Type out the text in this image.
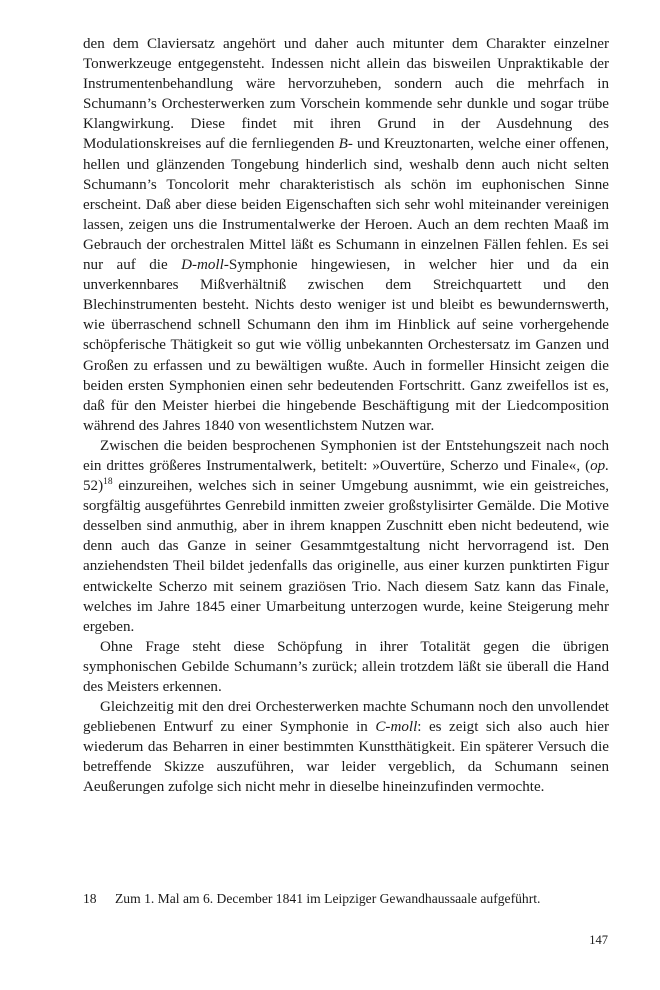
den dem Claviersatz angehört und daher auch mitunter dem Charakter einzelner Tonwerkzeuge entgegensteht. Indessen nicht allein das bisweilen Unpraktikable der Instrumentenbehandlung wäre hervorzuheben, sondern auch die mehrfach in Schumann’s Orchesterwerken zum Vorschein kommende sehr dunkle und sogar trübe Klangwirkung. Diese findet mit ihren Grund in der Ausdehnung des Modulationskreises auf die fernliegenden B- und Kreuztonarten, welche einer offenen, hellen und glänzenden Tongebung hinderlich sind, weshalb denn auch nicht selten Schumann’s Toncolorit mehr charakteristisch als schön im euphonischen Sinne erscheint. Daß aber diese beiden Eigenschaften sich sehr wohl miteinander vereinigen lassen, zeigen uns die Instrumentalwerke der Heroen. Auch an dem rechten Maaß im Gebrauch der orchestralen Mittel läßt es Schumann in einzelnen Fällen fehlen. Es sei nur auf die D-moll-Symphonie hingewiesen, in welcher hier und da ein unverkennbares Mißverhältniß zwischen dem Streichquartett und den Blechinstrumenten besteht. Nichts desto weniger ist und bleibt es bewundernswerth, wie überraschend schnell Schumann den ihm im Hinblick auf seine vorhergehende schöpferische Thätigkeit so gut wie völlig unbekannten Orchestersatz im Ganzen und Großen zu erfassen und zu bewältigen wußte. Auch in formeller Hinsicht zeigen die beiden ersten Symphonien einen sehr bedeutenden Fortschritt. Ganz zweifellos ist es, daß für den Meister hierbei die hingebende Beschäftigung mit der Liedcomposition während des Jahres 1840 von wesentlichstem Nutzen war.

Zwischen die beiden besprochenen Symphonien ist der Entstehungszeit nach noch ein drittes größeres Instrumentalwerk, betitelt: »Ouvertüre, Scherzo und Finale«, (op. 52)$^{18}$ einzureihen, welches sich in seiner Umgebung ausnimmt, wie ein geistreiches, sorgfältig ausgeführtes Genrebild inmitten zweier großstylisirter Gemälde. Die Motive desselben sind anmuthig, aber in ihrem knappen Zuschnitt eben nicht bedeutend, wie denn auch das Ganze in seiner Gesammtgestaltung nicht hervorragend ist. Den anziehendsten Theil bildet jedenfalls das originelle, aus einer kurzen punktirten Figur entwickelte Scherzo mit seinem graziösen Trio. Nach diesem Satz kann das Finale, welches im Jahre 1845 einer Umarbeitung unterzogen wurde, keine Steigerung mehr ergeben.

Ohne Frage steht diese Schöpfung in ihrer Totalität gegen die übrigen symphonischen Gebilde Schumann’s zurück; allein trotzdem läßt sie überall die Hand des Meisters erkennen.

Gleichzeitig mit den drei Orchesterwerken machte Schumann noch den unvollendet gebliebenen Entwurf zu einer Symphonie in C-moll: es zeigt sich also auch hier wiederum das Beharren in einer bestimmten Kunstthätigkeit. Ein späterer Versuch die betreffende Skizze auszuführen, war leider vergeblich, da Schumann seinen Aeußerungen zufolge sich nicht mehr in dieselbe hineinzufinden vermochte.

18 Zum 1. Mal am 6. December 1841 im Leipziger Gewandhaussaale aufgeführt.
147
